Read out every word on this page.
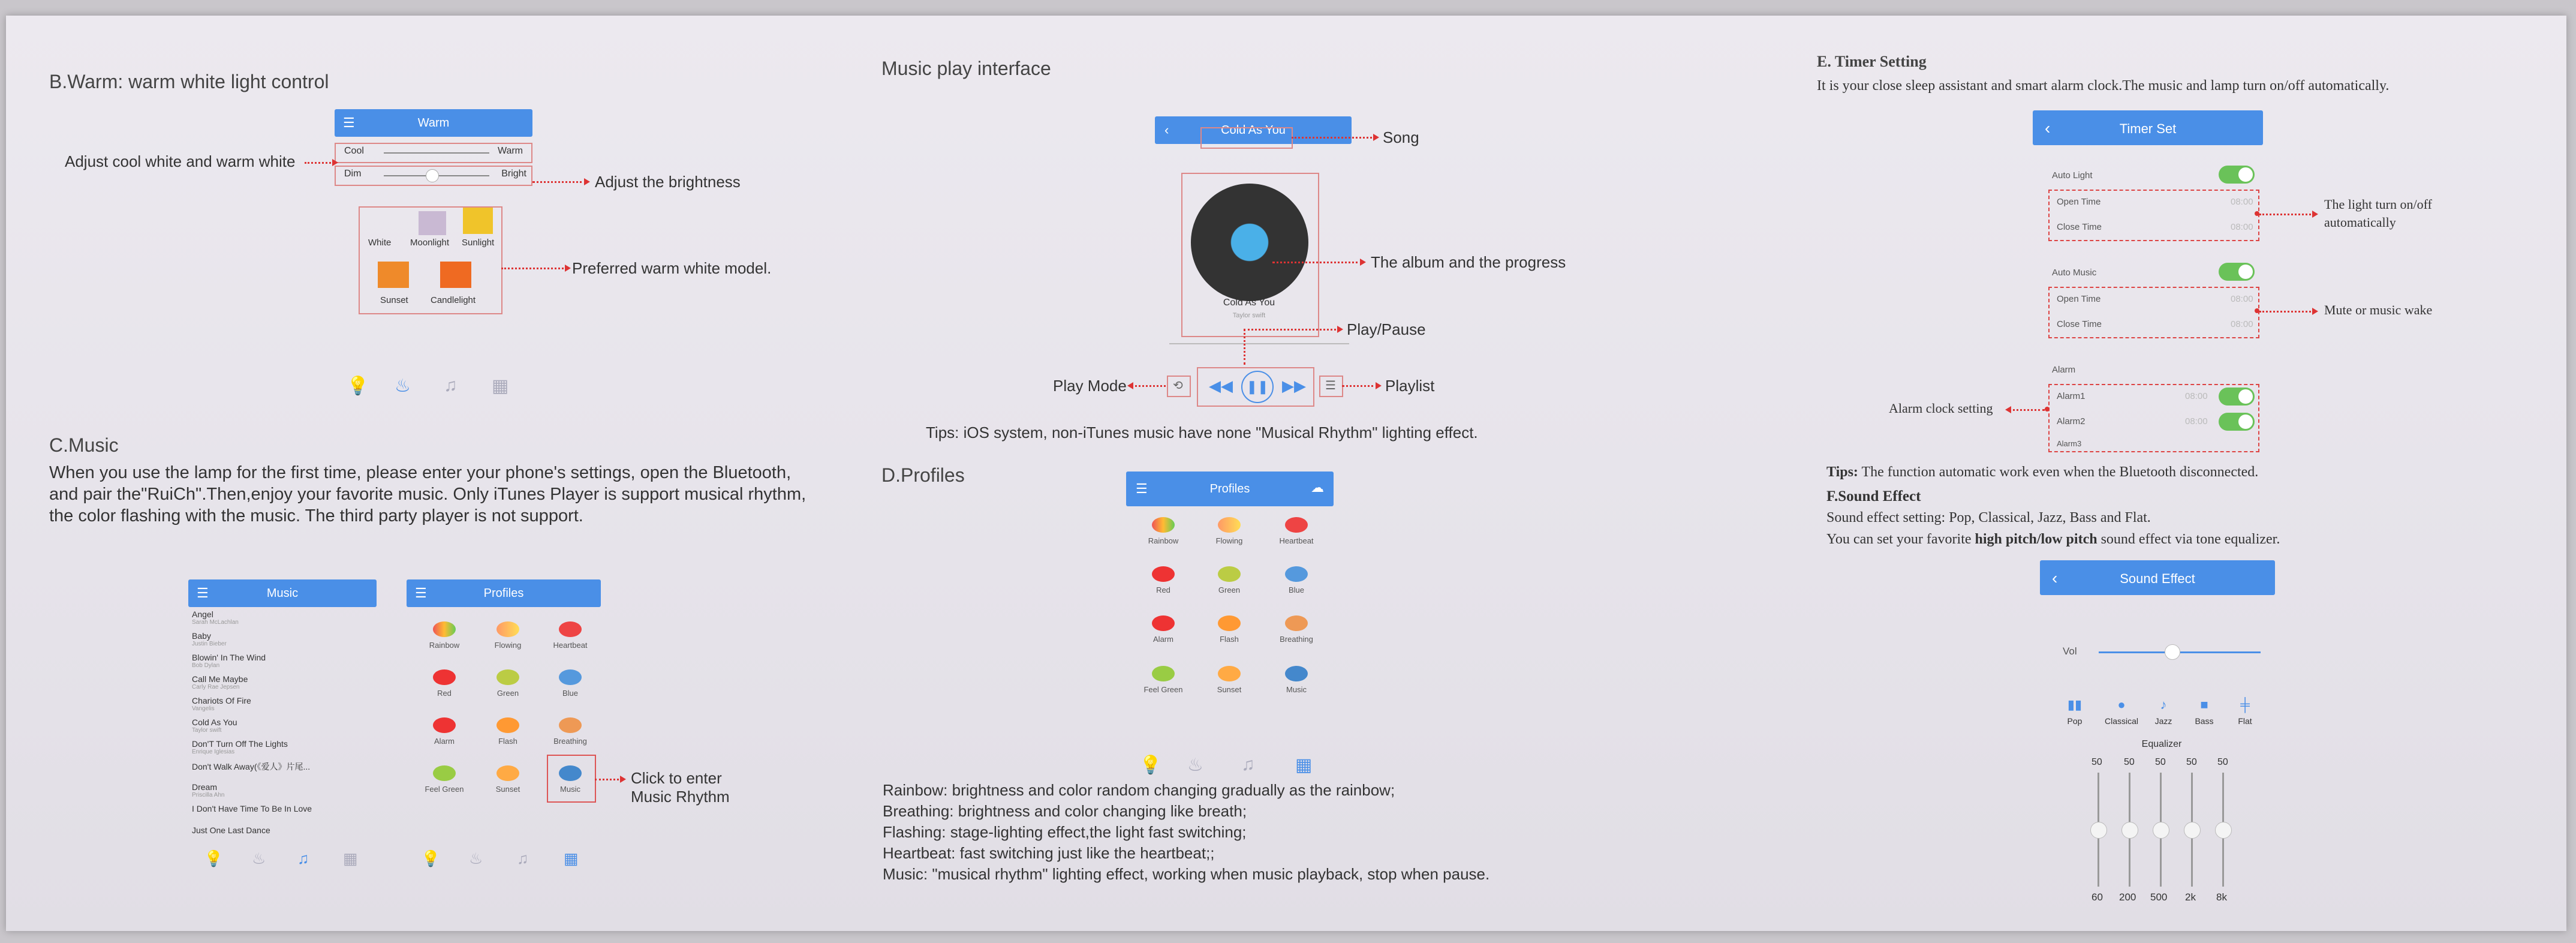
B.Warm: warm white light control
☰	Warm
Cool	Warm
Dim	Bright
Adjust cool white and warm white
Adjust the brightness
White Moonlight Sunlight
Sunset Candlelight
Preferred warm white model.
💡 ♨ ♫ ▦
C.Music
When you use the lamp for the first time, please enter your phone's settings, open the Bluetooth, and pair the"RuiCh".Then,enjoy your favorite music. Only iTunes Player is support musical rhythm, the color flashing with the music. The third party player is not support.
☰	Music
Angel
Sarah McLachlan
Baby
Justin Bieber
Blowin' In The Wind
Bob Dylan
Call Me Maybe
Carly Rae Jepsen
Chariots Of Fire
Vangelis
Cold As You
Taylor swift
Don'T Turn Off The Lights
Enrique Iglesias
Don't Walk Away(《爱人》片尾...
Dream
Priscilla Ahn
I Don't Have Time To Be In Love
Just One Last Dance
💡 ♨ ♫ ▦
☰	Profiles
Rainbow	Flowing	Heartbeat
Red	Green	Blue
Alarm	Flash	Breathing
Feel Green	Sunset	Music
Click to enter
Music Rhythm
💡 ♨ ♫ ▦
Music play interface
‹	Cold As You	Song
Cold As You
Taylor swift
The album and the progress
Play/Pause
⟲
Play Mode	◀◀	❚❚ ▶▶ ☰	Playlist
Tips: iOS system, non-iTunes music have none "Musical Rhythm" lighting effect.
D.Profiles
☰	Profiles	☁
Rainbow	Flowing	Heartbeat
Red	Green	Blue
Alarm	Flash	Breathing
Feel Green	Sunset	Music
💡 ♨ ♫ ▦
Rainbow: brightness and color random changing gradually as the rainbow;
Breathing: brightness and color changing like breath;
Flashing: stage-lighting effect,the light fast switching;
Heartbeat: fast switching just like the heartbeat;;
Music: "musical rhythm" lighting effect, working when music playback, stop when pause.
E. Timer Setting
It is your close sleep assistant and smart alarm clock.The music and lamp turn on/off automatically.
‹	Timer Set
Auto Light
Open Time	08:00
Close Time	08:00
The light turn on/off automatically
Auto Music
Open Time	08:00
Close Time	08:00
Mute or music wake
Alarm
Alarm1	08:00
Alarm2	08:00
Alarm3
Alarm clock setting
Tips: The function automatic work even when the Bluetooth disconnected.
F.Sound Effect
Sound effect setting: Pop, Classical, Jazz, Bass and Flat.
You can set your favorite high pitch/low pitch sound effect via tone equalizer.
‹	Sound Effect
Vol
▮▮
Pop
●
Classical
♪
Jazz
■
Bass
╪
Flat
Equalizer
50 50 50 50 50
60 200 500 2k 8k
